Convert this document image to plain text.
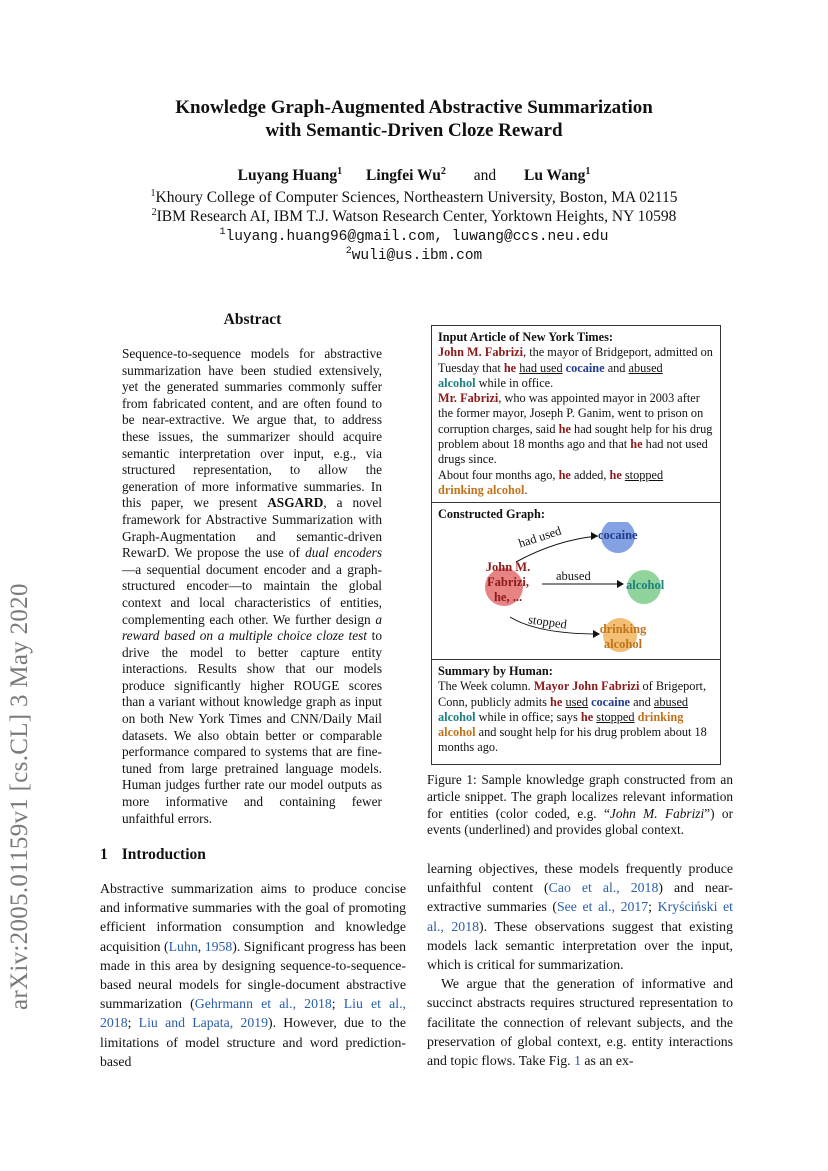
arXiv:2005.01159v1 [cs.CL] 3 May 2020
Knowledge Graph-Augmented Abstractive Summarization
with Semantic-Driven Cloze Reward
Luyang Huang$^1$ Lingfei Wu$^2$ and Lu Wang$^1$
$^1$Khoury College of Computer Sciences, Northeastern University, Boston, MA 02115
$^2$IBM Research AI, IBM T.J. Watson Research Center, Yorktown Heights, NY 10598
$^1$luyang.huang96@gmail.com, luwang@ccs.neu.edu
$^2$wuli@us.ibm.com
Abstract

Sequence-to-sequence models for abstractive summarization have been studied extensively, yet the generated summaries commonly suffer from fabricated content, and are often found to be near-extractive. We argue that, to address these issues, the summarizer should acquire semantic interpretation over input, e.g., via structured representation, to allow the generation of more informative summaries. In this paper, we present ASGARD, a novel framework for Abstractive Summarization with Graph-Augmentation and semantic-driven RewarD. We propose the use of dual encoders—a sequential document encoder and a graph-structured encoder—to maintain the global context and local characteristics of entities, complementing each other. We further design a reward based on a multiple choice cloze test to drive the model to better capture entity interactions. Results show that our models produce significantly higher ROUGE scores than a variant without knowledge graph as input on both New York Times and CNN/Daily Mail datasets. We also obtain better or comparable performance compared to systems that are fine-tuned from large pretrained language models. Human judges further rate our model outputs as more informative and containing fewer unfaithful errors.

1 Introduction

Abstractive summarization aims to produce concise and informative summaries with the goal of promoting efficient information consumption and knowledge acquisition (Luhn, 1958). Significant progress has been made in this area by designing sequence-to-sequence-based neural models for single-document abstractive summarization (Gehrmann et al., 2018; Liu et al., 2018; Liu and Lapata, 2019). However, due to the limitations of model structure and word prediction-based

learning objectives, these models frequently produce unfaithful content (Cao et al., 2018) and near-extractive summaries (See et al., 2017; Kryściński et al., 2018). These observations suggest that existing models lack semantic interpretation over the input, which is critical for summarization.

We argue that the generation of informative and succinct abstracts requires structured representation to facilitate the connection of relevant subjects, and the preservation of global context, e.g. entity interactions and topic flows. Take Fig. 1 as an ex-

Input Article of New York Times:
John M. Fabrizi, the mayor of Bridgeport, admitted on Tuesday that he had used cocaine and abused
alcohol while in office.
Mr. Fabrizi, who was appointed mayor in 2003 after the former mayor, Joseph P. Ganim, went to prison on corruption charges, said he had sought help for his drug problem about 18 months ago and that he had not used drugs since.
About four months ago, he added, he stopped
drinking alcohol.
Constructed Graph:
had used	cocaine
John M.
Fabrizi,
he, ...
abused
alcohol
stopped	drinking
alcohol
Summary by Human:
The Week column. Mayor John Fabrizi of Brigeport, Conn, publicly admits he used cocaine and abused alcohol while in office; says he stopped drinking alcohol and sought help for his drug problem about 18 months ago.
Figure 1: Sample knowledge graph constructed from an article snippet. The graph localizes relevant information for entities (color coded, e.g. “John M. Fabrizi”) or events (underlined) and provides global context.
